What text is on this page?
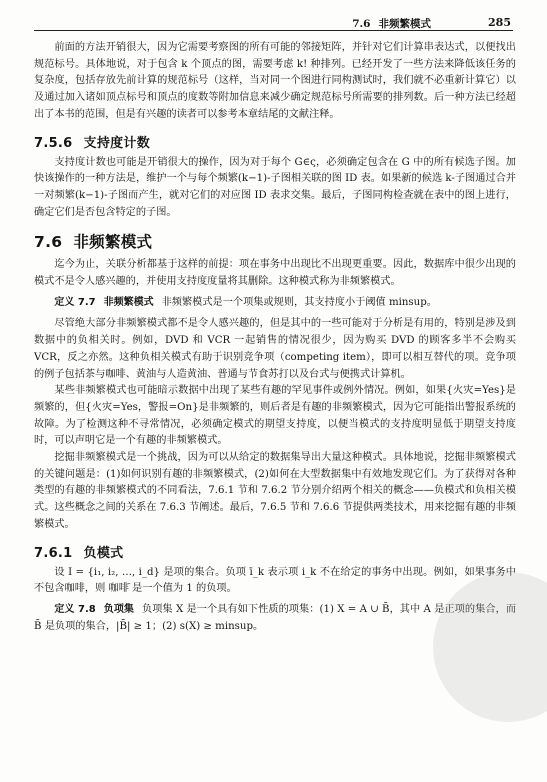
7.6 非频繁模式	285

前面的方法开销很大，因为它需要考察图的所有可能的邻接矩阵，并针对它们计算串表达式，以便找出规范标号。具体地说，对于包含 k 个顶点的图，需要考虑 k! 种排列。已经开发了一些方法来降低该任务的复杂度，包括存放先前计算的规范标号（这样，当对同一个图进行同构测试时，我们就不必重新计算它）以及通过加入诸如顶点标号和顶点的度数等附加信息来减少确定规范标号所需要的排列数。后一种方法已经超出了本书的范围，但是有兴趣的读者可以参考本章结尾的文献注释。

7.5.6 支持度计数

支持度计数也可能是开销很大的操作，因为对于每个 G∈ς，必须确定包含在 G 中的所有候选子图。加快该操作的一种方法是，维护一个与每个频繁(k−1)-子图相关联的图 ID 表。如果新的候选 k-子图通过合并一对频繁(k−1)-子图而产生，就对它们的对应图 ID 表求交集。最后，子图同构检查就在表中的图上进行，确定它们是否包含特定的子图。

7.6 非频繁模式

迄今为止，关联分析都基于这样的前提：项在事务中出现比不出现更重要。因此，数据库中很少出现的模式不是令人感兴趣的，并使用支持度度量将其删除。这种模式称为非频繁模式。

定义 7.7 非频繁模式 非频繁模式是一个项集或规则，其支持度小于阈值 minsup。

尽管绝大部分非频繁模式都不是令人感兴趣的，但是其中的一些可能对于分析是有用的，特别是涉及到数据中的负相关时。例如，DVD 和 VCR 一起销售的情况很少，因为购买 DVD 的顾客多半不会购买 VCR，反之亦然。这种负相关模式有助于识别竞争项（competing item），即可以相互替代的项。竞争项的例子包括茶与咖啡、黄油与人造黄油、普通与节食苏打以及台式与便携式计算机。

某些非频繁模式也可能暗示数据中出现了某些有趣的罕见事件或例外情况。例如，如果{火灾=Yes}是频繁的，但{火灾=Yes，警报=On}是非频繁的，则后者是有趣的非频繁模式，因为它可能指出警报系统的故障。为了检测这种不寻常情况，必须确定模式的期望支持度，以便当模式的支持度明显低于期望支持度时，可以声明它是一个有趣的非频繁模式。

挖掘非频繁模式是一个挑战，因为可以从给定的数据集导出大量这种模式。具体地说，挖掘非频繁模式的关键问题是：(1)如何识别有趣的非频繁模式，(2)如何在大型数据集中有效地发现它们。为了获得对各种类型的有趣的非频繁模式的不同看法，7.6.1 节和 7.6.2 节分别介绍两个相关的概念——负模式和负相关模式。这些概念之间的关系在 7.6.3 节阐述。最后，7.6.5 节和 7.6.6 节提供两类技术，用来挖掘有趣的非频繁模式。

7.6.1 负模式

设 I = {i₁, i₂, …, i_d} 是项的集合。负项 ī_k 表示项 i_k 不在给定的事务中出现。例如，如果事务中不包含咖啡，则 咖啡̄ 是一个值为 1 的负项。

定义 7.8 负项集 负项集 X 是一个具有如下性质的项集：(1) X = A ∪ B̄，其中 A 是正项的集合，而 B̄ 是负项的集合，|B̄| ≥ 1；(2) s(X) ≥ minsup。
